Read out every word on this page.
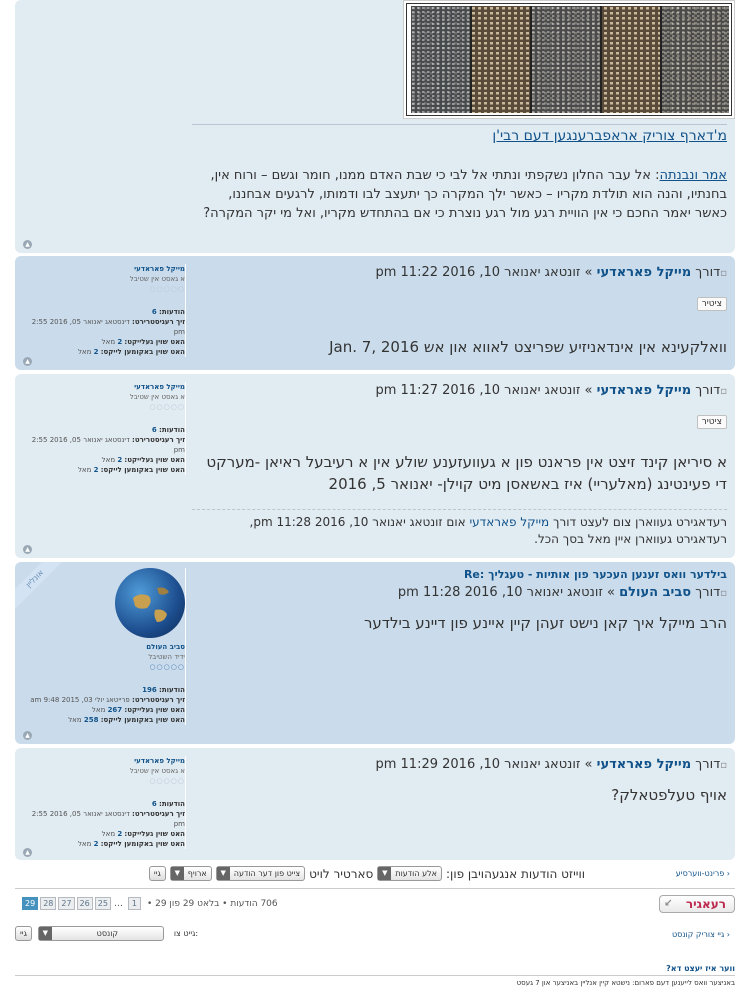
מ'דארף צוריק אראפברענגען דעם רבי'ן
אמר ונבנתה: אל עבר החלון נשקפתי ונתתי אל לבי כי שבת האדם ממנו, חומר וגשם – ורוח אין, בחנתיו, והנה הוא תולדת מקריו – כאשר ילך המקרה כך יתעצב לבו ודמותו, לרגעים אבחננו, כאשר יאמר החכם כי אין הוויית רגע מול רגע נוצרת כי אם בהתחדש מקריו, ואל מי יקר המקרה?
▲
▫דורך מייקל פאראדעי » זונטאג יאנואר 10, 2016 11:22 pm
ציטיר
וואלקעינא אין אינדאניזיע שפריצט לאווא און אש Jan. 7, 2016
מייקל פאראדעי
א גאסט אין שטיבל
○○○○○
הודעות: 6
זיך רעגיסטרירט: דינסטאג יאנואר 05, 2016 2:55 pm
האט שוין געלייקט: 2 מאל
האט שוין באקומען לייקס: 2 מאל
▲
▫דורך מייקל פאראדעי » זונטאג יאנואר 10, 2016 11:27 pm
ציטיר
א סיריאן קינד זיצט אין פראנט פון א געוועזענע שולע אין א רעיבעל ראיאן -מערקט די פעינטינג (מאלעריי) איז באשאסן מיט קוילן- יאנואר 5, 2016
רעדאגירט געווארן צום לעצט דורך מייקל פאראדעי אום זונטאג יאנואר 10, 2016 11:28 pm,
רעדאגירט געווארן איין מאל בסך הכל.
מייקל פאראדעי
א גאסט אין שטיבל
○○○○○
הודעות: 6
זיך רעגיסטרירט: דינסטאג יאנואר 05, 2016 2:55 pm
האט שוין געלייקט: 2 מאל
האט שוין באקומען לייקס: 2 מאל
▲
אונליין	Re: בילדער וואס זענען העכער פון אותיות - טעגליך
▫דורך סביב העולם » זונטאג יאנואר 10, 2016 11:28 pm
הרב מייקל איך קאן נישט זעהן קיין איינע פון דיינע בילדער
סביב העולם
ידיד השטיבל
○○○○○
הודעות: 196
זיך רעגיסטרירט: פרייטאג יולי 03, 2015 9:48 am
האט שוין געלייקט: 267 מאל
האט שוין באקומען לייקס: 258 מאל
▲
▫דורך מייקל פאראדעי » זונטאג יאנואר 10, 2016 11:29 pm
אויף טעלפטאלק?
מייקל פאראדעי
א גאסט אין שטיבל
○○○○○
הודעות: 6
זיך רעגיסטרירט: דינסטאג יאנואר 05, 2016 2:55 pm
האט שוין געלייקט: 2 מאל
האט שוין באקומען לייקס: 2 מאל
▲
‹ פרינט-ווערסיע
ווייזט הודעות אנגעהויבן פון:
אלע הודעות
▼
סארטיר לויט
צייט פון דער הודעה
▼
ארויף
▼
גיי
רעאגיר
↙
29	28	27	26	25 …	1	706 הודעות • בלאט 29 פון 29 •
‹ גיי צוריק קונסט
גיי	▼	קונסט	גייט צו:
ווער איז יעצט דא?
באניצער וואס לייענען דעם פארום: נישטא קיין אנליין באניצער און 7 געסט
